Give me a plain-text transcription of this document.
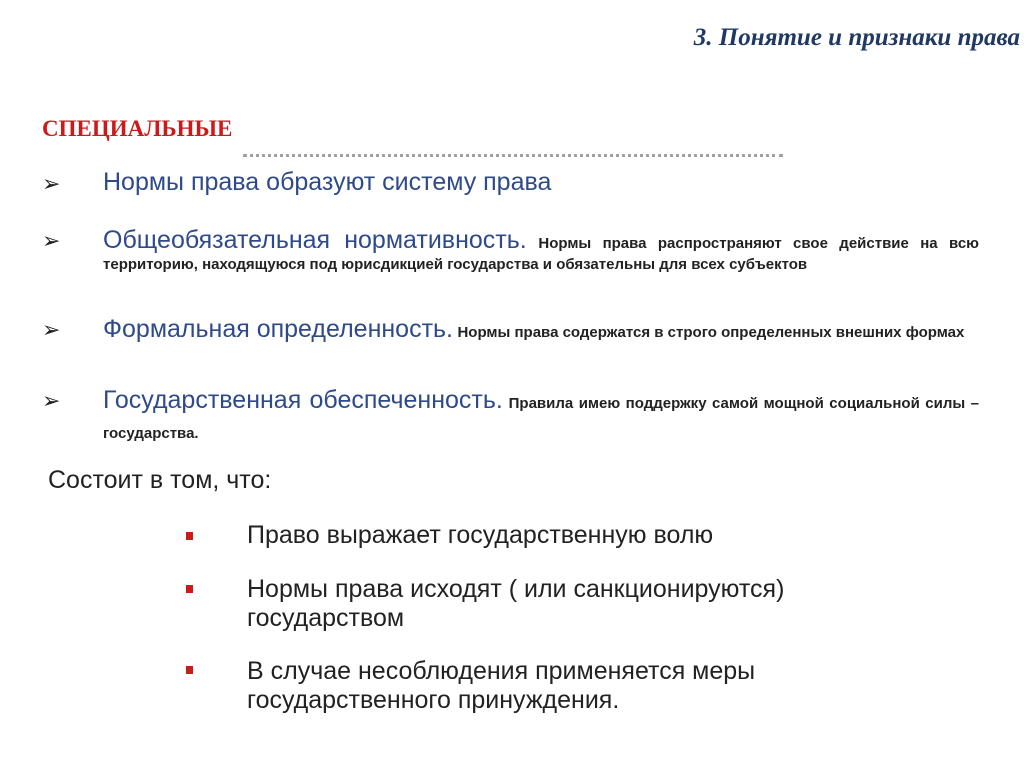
3. Понятие и признаки права
СПЕЦИАЛЬНЫЕ
➢ Нормы права образуют систему права
➢ Общеобязательная нормативность. Нормы права распространяют свое действие на всю территорию, находящуюся под юрисдикцией государства и обязательны для всех субъектов
➢ Формальная определенность. Нормы права содержатся в строго определенных внешних формах
➢ Государственная обеспеченность. Правила имею поддержку самой мощной социальной силы – государства.
Состоит в том, что:
Право выражает государственную волю
Нормы права исходят ( или санкционируются) государством
В случае несоблюдения применяется меры государственного принуждения.
